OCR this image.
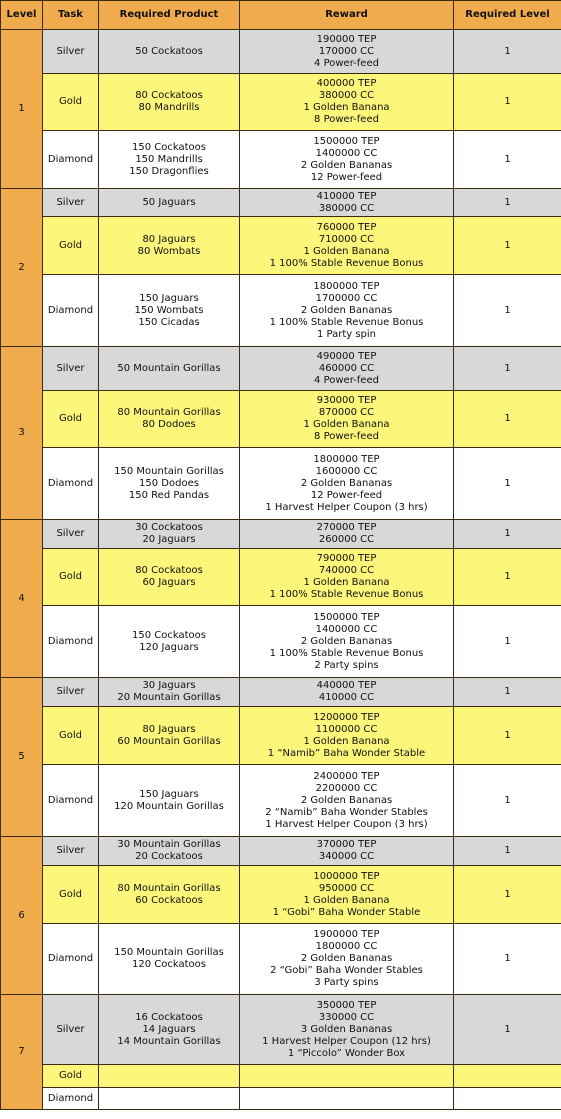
Level	Task	Required Product	Reward	Required Level
1	Silver	50 Cockatoos	190000 TEP
170000 CC
4 Power-feed	1
	Gold	80 Cockatoos
80 Mandrills	400000 TEP
380000 CC
1 Golden Banana
8 Power-feed	1
	Diamond	150 Cockatoos
150 Mandrills
150 Dragonflies	1500000 TEP
1400000 CC
2 Golden Bananas
12 Power-feed	1
2	Silver	50 Jaguars	410000 TEP
380000 CC	1
	Gold	80 Jaguars
80 Wombats	760000 TEP
710000 CC
1 Golden Banana
1 100% Stable Revenue Bonus	1
	Diamond	150 Jaguars
150 Wombats
150 Cicadas	1800000 TEP
1700000 CC
2 Golden Bananas
1 100% Stable Revenue Bonus
1 Party spin	1
3	Silver	50 Mountain Gorillas	490000 TEP
460000 CC
4 Power-feed	1
	Gold	80 Mountain Gorillas
80 Dodoes	930000 TEP
870000 CC
1 Golden Banana
8 Power-feed	1
	Diamond	150 Mountain Gorillas
150 Dodoes
150 Red Pandas	1800000 TEP
1600000 CC
2 Golden Bananas
12 Power-feed
1 Harvest Helper Coupon (3 hrs)	1
4	Silver	30 Cockatoos
20 Jaguars	270000 TEP
260000 CC	1
	Gold	80 Cockatoos
60 Jaguars	790000 TEP
740000 CC
1 Golden Banana
1 100% Stable Revenue Bonus	1
	Diamond	150 Cockatoos
120 Jaguars	1500000 TEP
1400000 CC
2 Golden Bananas
1 100% Stable Revenue Bonus
2 Party spins	1
5	Silver	30 Jaguars
20 Mountain Gorillas	440000 TEP
410000 CC	1
	Gold	80 Jaguars
60 Mountain Gorillas	1200000 TEP
1100000 CC
1 Golden Banana
1 “Namib” Baha Wonder Stable	1
	Diamond	150 Jaguars
120 Mountain Gorillas	2400000 TEP
2200000 CC
2 Golden Bananas
2 “Namib” Baha Wonder Stables
1 Harvest Helper Coupon (3 hrs)	1
6	Silver	30 Mountain Gorillas
20 Cockatoos	370000 TEP
340000 CC	1
	Gold	80 Mountain Gorillas
60 Cockatoos	1000000 TEP
950000 CC
1 Golden Banana
1 “Gobi” Baha Wonder Stable	1
	Diamond	150 Mountain Gorillas
120 Cockatoos	1900000 TEP
1800000 CC
2 Golden Bananas
2 “Gobi” Baha Wonder Stables
3 Party spins	1
7	Silver	16 Cockatoos
14 Jaguars
14 Mountain Gorillas	350000 TEP
330000 CC
3 Golden Bananas
1 Harvest Helper Coupon (12 hrs)
1 “Piccolo” Wonder Box	1
	Gold			
	Diamond			
